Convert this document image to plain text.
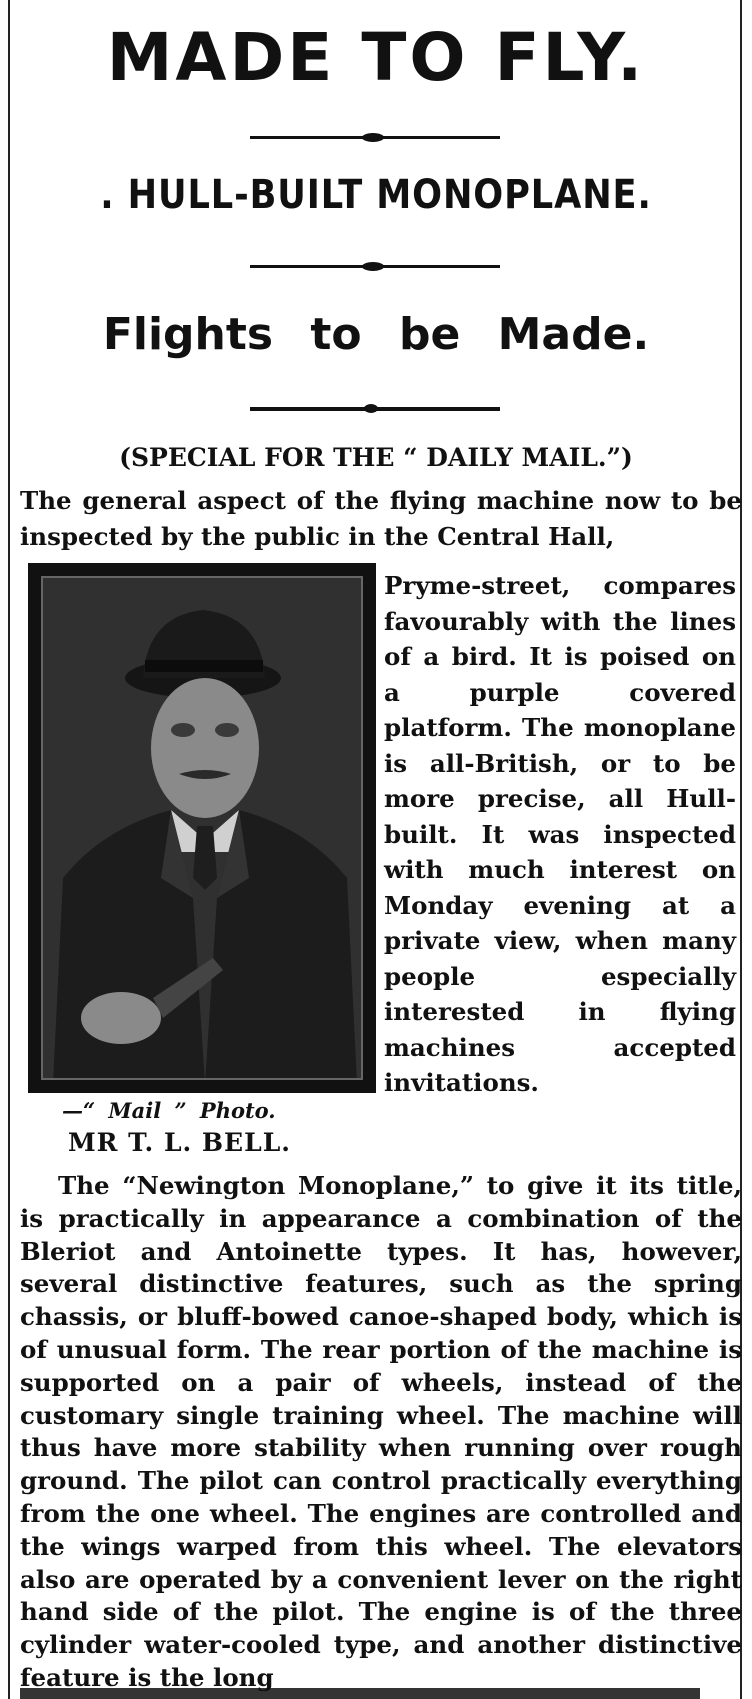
MADE TO FLY.
. HULL-BUILT MONOPLANE.
Flights to be Made.
(SPECIAL FOR THE “ DAILY MAIL.”)
The general aspect of the flying machine now to be inspected by the public in the Central Hall,
Pryme-street, compares favourably with the lines of a bird. It is poised on a purple covered platform. The monoplane is all-British, or to be more precise, all Hull-built. It was inspected with much interest on Monday evening at a private view, when many people especially interested in flying machines accepted invitations.
—“ Mail ” Photo.
MR T. L. BELL.
The “Newington Monoplane,” to give it its title, is practically in appearance a combination of the Bleriot and Antoinette types. It has, however, several distinctive features, such as the spring chassis, or bluff-bowed canoe-shaped body, which is of unusual form. The rear portion of the machine is supported on a pair of wheels, instead of the customary single training wheel. The machine will thus have more stability when running over rough ground. The pilot can control practically everything from the one wheel. The engines are controlled and the wings warped from this wheel. The elevators also are operated by a convenient lever on the right hand side of the pilot. The engine is of the three cylinder water-cooled type, and another distinctive feature is the long
